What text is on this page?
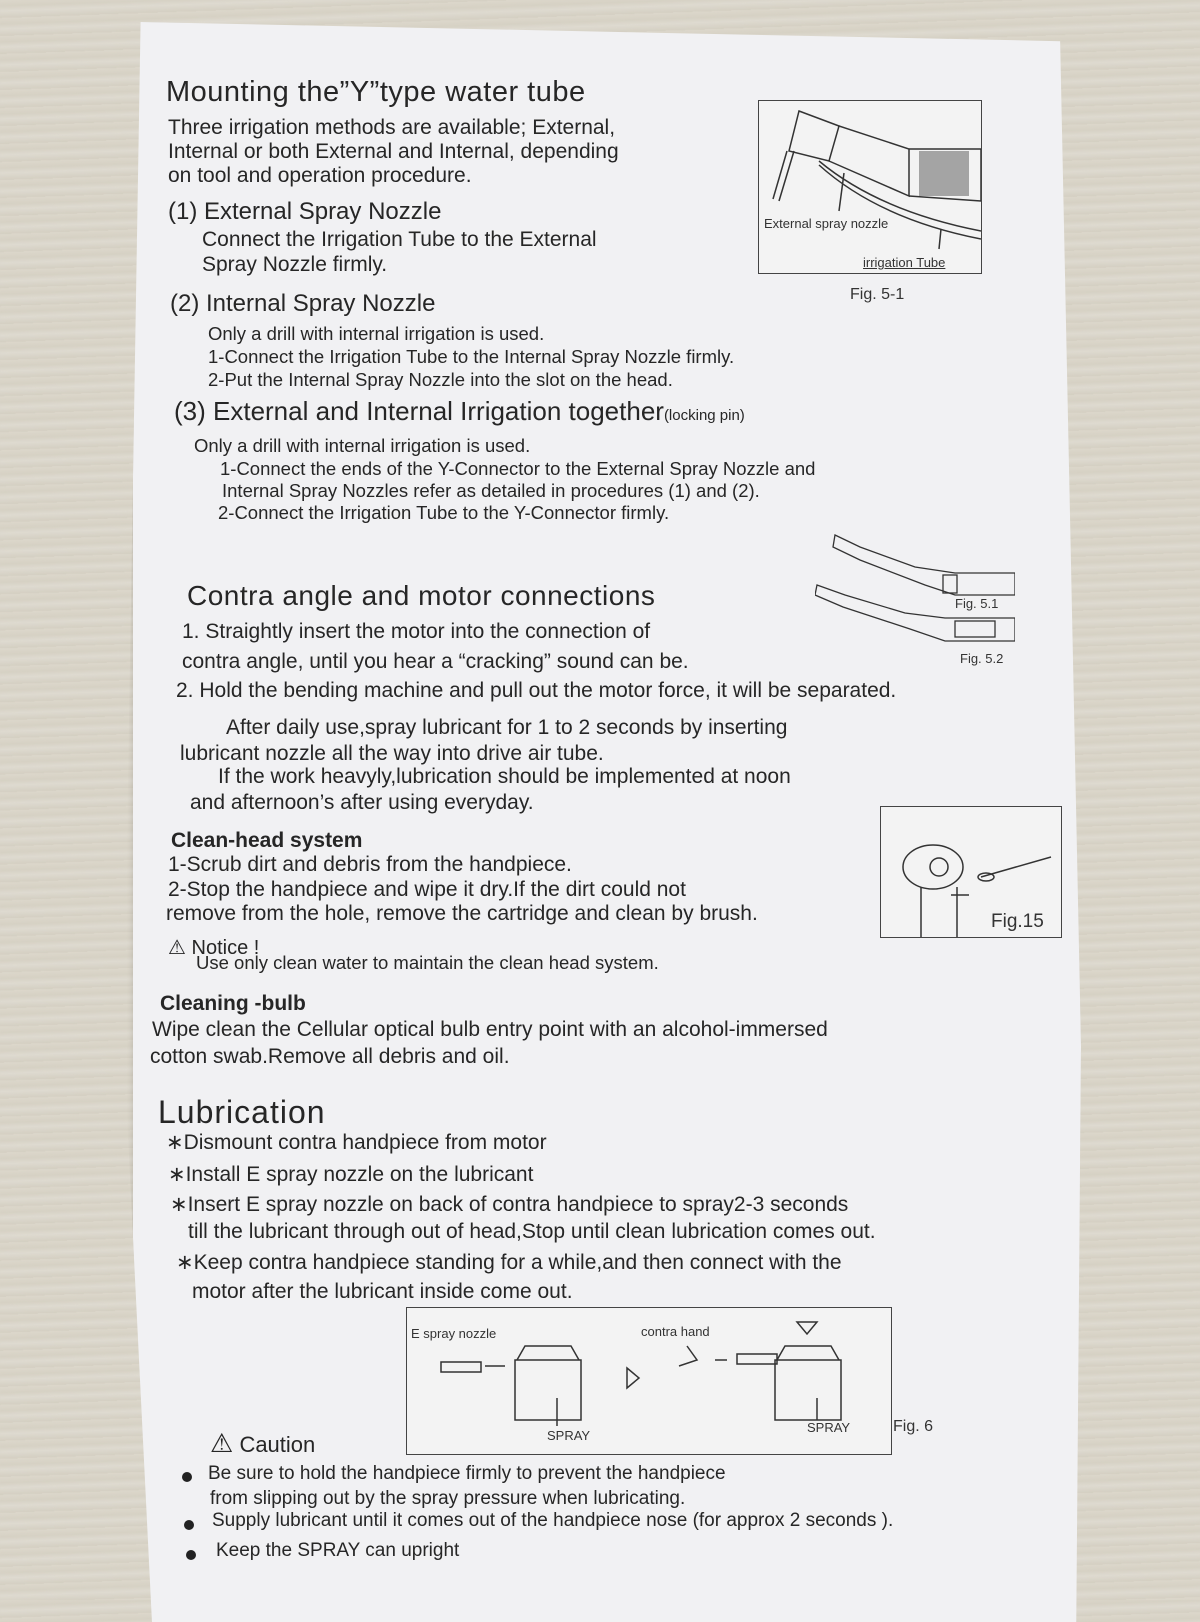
Mounting the”Y”type water tube
Three irrigation methods are available; External,
Internal or both External and Internal, depending
on tool and operation procedure.
(1) External Spray Nozzle
Connect the Irrigation Tube to the External
Spray Nozzle firmly.
(2) Internal Spray Nozzle
Only a drill with internal irrigation is used.
1-Connect the Irrigation Tube to the Internal Spray Nozzle firmly.
2-Put the Internal Spray Nozzle into the slot on the head.
(3) External and Internal Irrigation together(locking pin)
Only a drill with internal irrigation is used.
1-Connect the ends of the Y-Connector to the External Spray Nozzle and
Internal Spray Nozzles refer as detailed in procedures (1) and (2).
2-Connect the Irrigation Tube to the Y-Connector firmly.
External spray nozzle
irrigation Tube
Fig. 5-1
Contra angle and motor connections
1. Straightly insert the motor into the connection of
contra angle, until you hear a “cracking” sound can be.
2. Hold the bending machine and pull out the motor force, it will be separated.
Fig. 5.1
Fig. 5.2
After daily use,spray lubricant for 1 to 2 seconds by inserting
lubricant nozzle all the way into drive air tube.
If the work heavyly,lubrication should be implemented at noon
and afternoon’s after using everyday.
Clean-head system
1-Scrub dirt and debris from the handpiece.
2-Stop the handpiece and wipe it dry.If the dirt could not
remove from the hole, remove the cartridge and clean by brush.
⚠ Notice !
Use only clean water to maintain the clean head system.
Fig.15
Cleaning -bulb
Wipe clean the Cellular optical bulb entry point with an alcohol-immersed
cotton swab.Remove all debris and oil.
Lubrication
∗Dismount contra handpiece from motor
∗Install E spray nozzle on the lubricant
∗Insert E spray nozzle on back of contra handpiece to spray2-3 seconds
till the lubricant through out of head,Stop until clean lubrication comes out.
∗Keep contra handpiece standing for a while,and then connect with the
motor after the lubricant inside come out.
E spray nozzle	contra hand
SPRAY
SPRAY	Fig. 6
⚠ Caution
Be sure to hold the handpiece firmly to prevent the handpiece
from slipping out by the spray pressure when lubricating.
Supply lubricant until it comes out of the handpiece nose (for approx 2 seconds ).
Keep the SPRAY can upright
